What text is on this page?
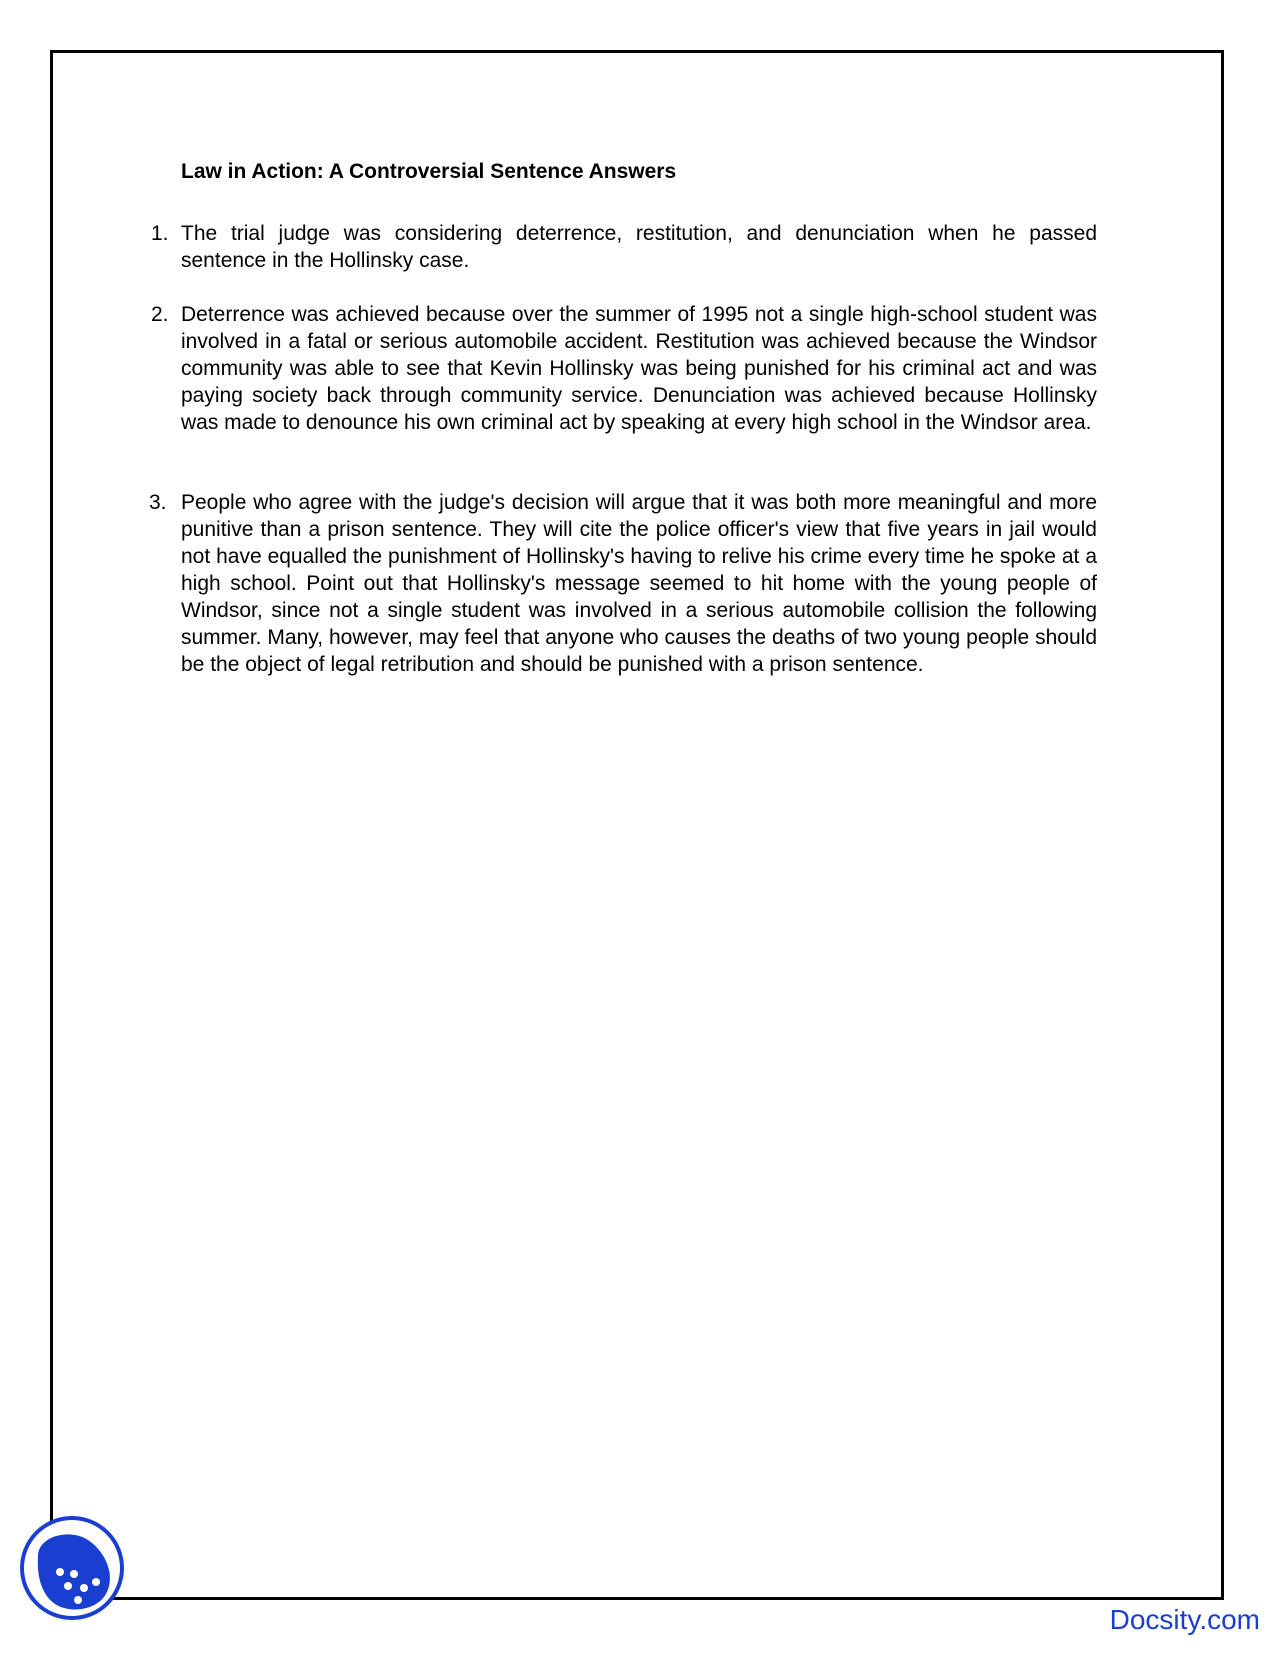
Law in Action: A Controversial Sentence Answers
1. The trial judge was considering deterrence, restitution, and denunciation when he passed sentence in the Hollinsky case.
2. Deterrence was achieved because over the summer of 1995 not a single high-school student was involved in a fatal or serious automobile accident. Restitution was achieved because the Windsor community was able to see that Kevin Hollinsky was being punished for his criminal act and was paying society back through community service. Denunciation was achieved because Hollinsky was made to denounce his own criminal act by speaking at every high school in the Windsor area.
3. People who agree with the judge's decision will argue that it was both more meaningful and more punitive than a prison sentence. They will cite the police officer's view that five years in jail would not have equalled the punishment of Hollinsky's having to relive his crime every time he spoke at a high school. Point out that Hollinsky's message seemed to hit home with the young people of Windsor, since not a single student was involved in a serious automobile collision the following summer. Many, however, may feel that anyone who causes the deaths of two young people should be the object of legal retribution and should be punished with a prison sentence.
Docsity.com
